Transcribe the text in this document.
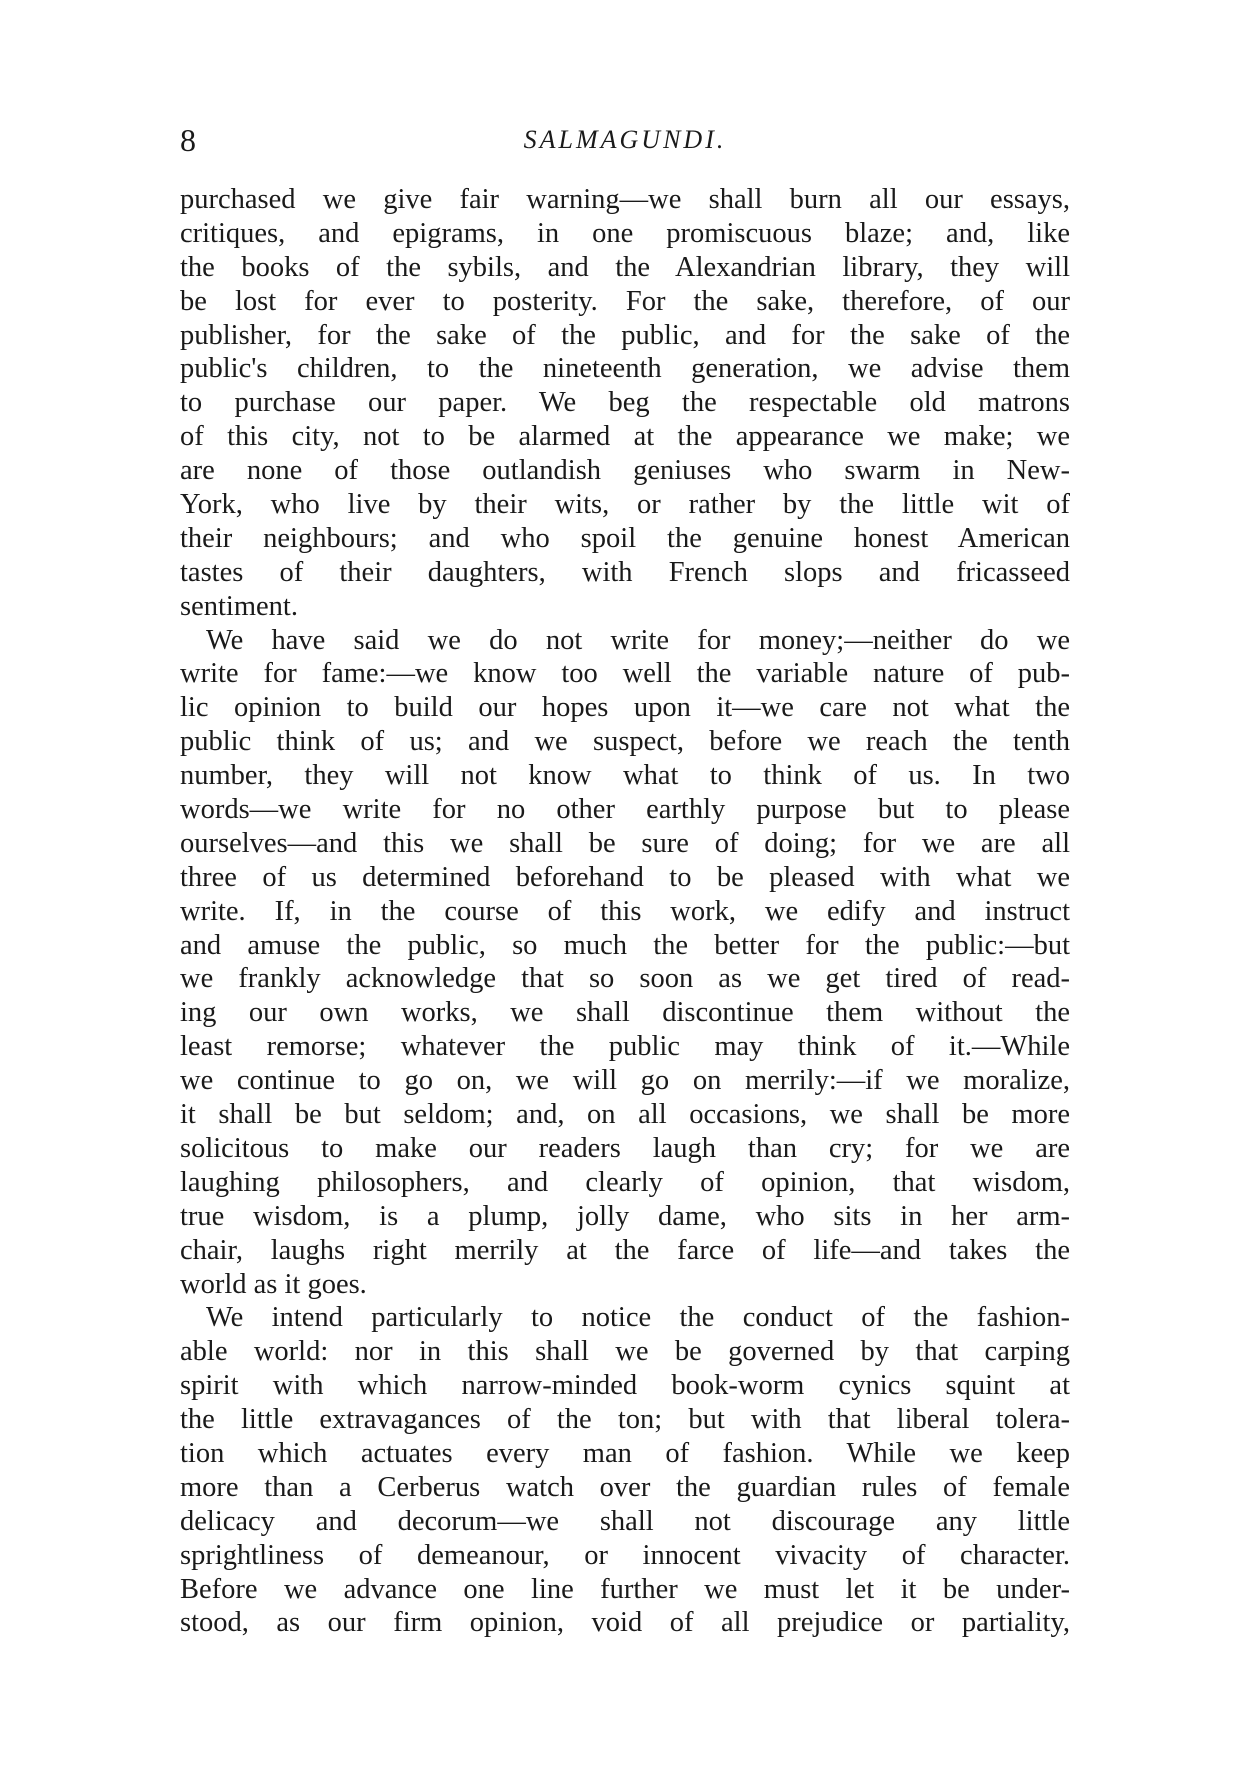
8	SALMAGUNDI.
purchased we give fair warning—we shall burn all our essays,
critiques, and epigrams, in one promiscuous blaze; and, like
the books of the sybils, and the Alexandrian library, they will
be lost for ever to posterity. For the sake, therefore, of our
publisher, for the sake of the public, and for the sake of the
public's children, to the nineteenth generation, we advise them
to purchase our paper. We beg the respectable old matrons
of this city, not to be alarmed at the appearance we make; we
are none of those outlandish geniuses who swarm in New-
York, who live by their wits, or rather by the little wit of
their neighbours; and who spoil the genuine honest American
tastes of their daughters, with French slops and fricasseed
sentiment.
We have said we do not write for money;—neither do we
write for fame:—we know too well the variable nature of pub-
lic opinion to build our hopes upon it—we care not what the
public think of us; and we suspect, before we reach the tenth
number, they will not know what to think of us. In two
words—we write for no other earthly purpose but to please
ourselves—and this we shall be sure of doing; for we are all
three of us determined beforehand to be pleased with what we
write. If, in the course of this work, we edify and instruct
and amuse the public, so much the better for the public:—but
we frankly acknowledge that so soon as we get tired of read-
ing our own works, we shall discontinue them without the
least remorse; whatever the public may think of it.—While
we continue to go on, we will go on merrily:—if we moralize,
it shall be but seldom; and, on all occasions, we shall be more
solicitous to make our readers laugh than cry; for we are
laughing philosophers, and clearly of opinion, that wisdom,
true wisdom, is a plump, jolly dame, who sits in her arm-
chair, laughs right merrily at the farce of life—and takes the
world as it goes.
We intend particularly to notice the conduct of the fashion-
able world: nor in this shall we be governed by that carping
spirit with which narrow-minded book-worm cynics squint at
the little extravagances of the ton; but with that liberal tolera-
tion which actuates every man of fashion. While we keep
more than a Cerberus watch over the guardian rules of female
delicacy and decorum—we shall not discourage any little
sprightliness of demeanour, or innocent vivacity of character.
Before we advance one line further we must let it be under-
stood, as our firm opinion, void of all prejudice or partiality,
